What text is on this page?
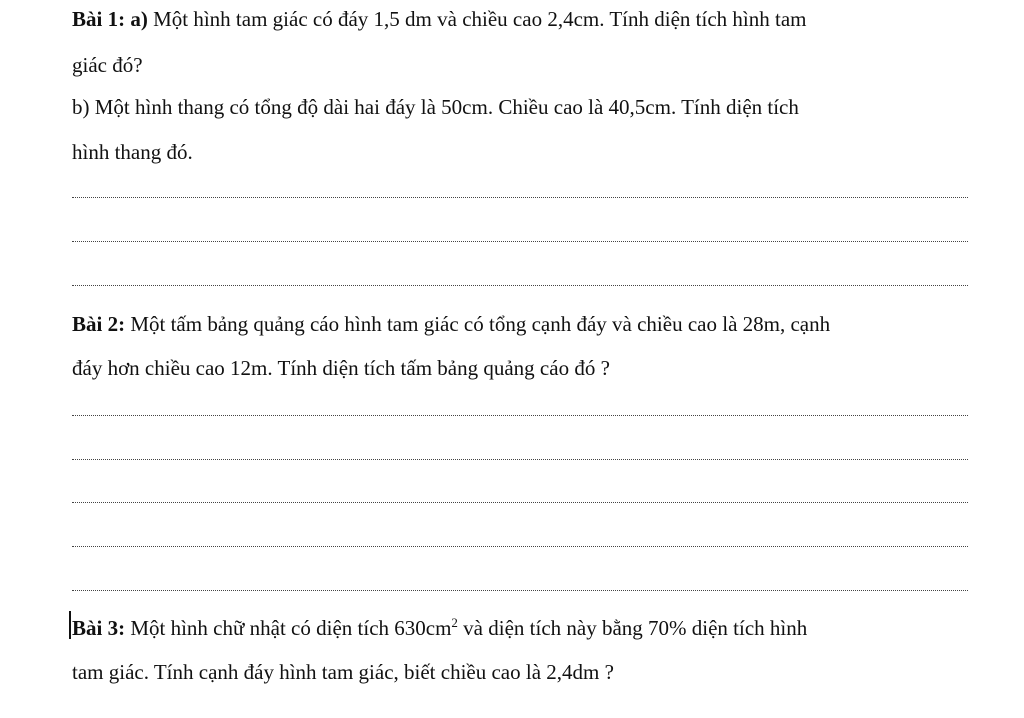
Bài 1: a) Một hình tam giác có đáy 1,5 dm và chiều cao 2,4cm. Tính diện tích hình tam
giác đó?
b) Một hình thang có tổng độ dài hai đáy là 50cm. Chiều cao là 40,5cm. Tính diện tích
hình thang đó.
Bài 2: Một tấm bảng quảng cáo hình tam giác có tổng cạnh đáy và chiều cao là 28m, cạnh
đáy hơn chiều cao 12m. Tính diện tích tấm bảng quảng cáo đó ?
Bài 3: Một hình chữ nhật có diện tích $630cm^2$ và diện tích này bằng 70% diện tích hình
tam giác. Tính cạnh đáy hình tam giác, biết chiều cao là 2,4dm ?
